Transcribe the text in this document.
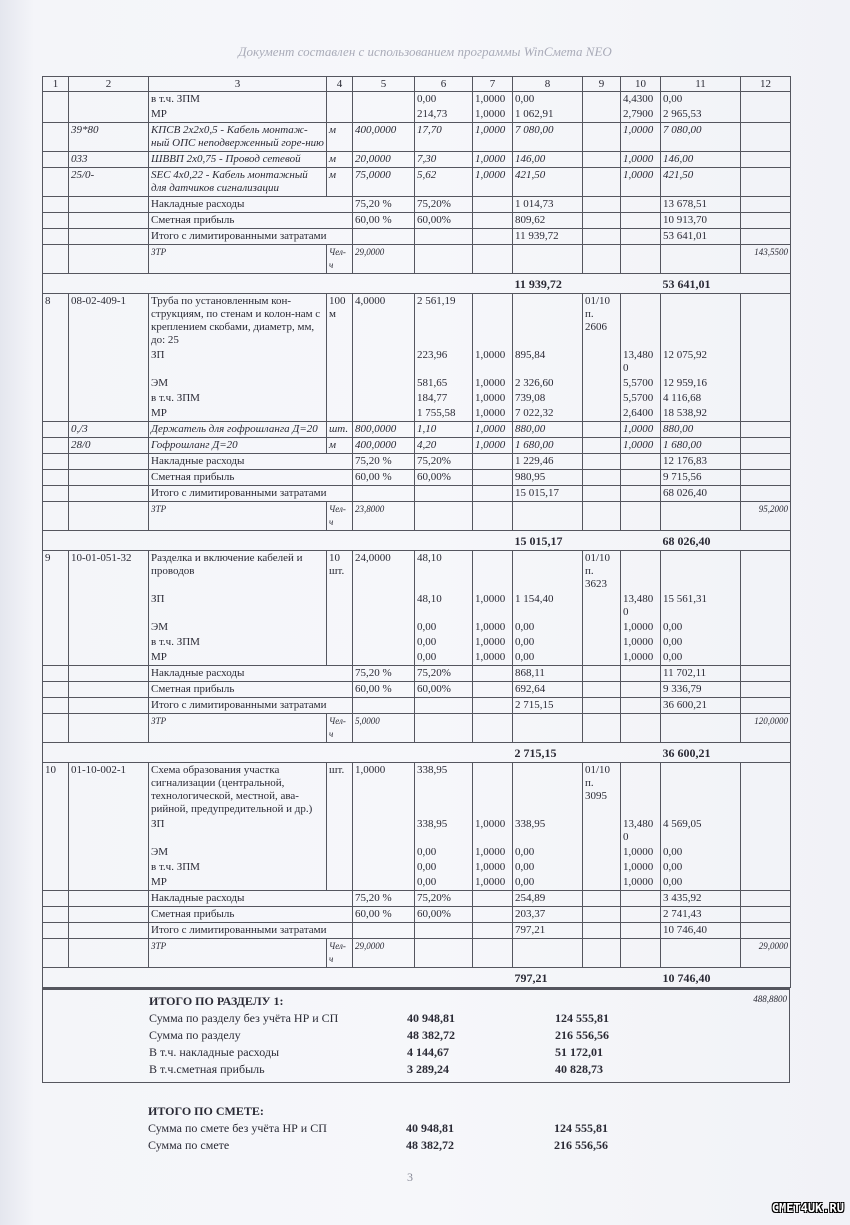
Документ составлен с использованием программы WinСмета NEO
1	2	3	4	5	6	7	8	9	10	11	12
		в т.ч. ЗПМ			0,00	1,0000	0,00		4,4300	0,00	
		МР			214,73	1,0000	1 062,91		2,7900	2 965,53	
	39*80	КПСВ 2x2x0,5 - Кабель монтаж-ный ОПС неподверженный горе-нию	м	400,0000	17,70	1,0000	7 080,00		1,0000	7 080,00	
	033	ШВВП 2x0,75 - Провод сетевой	м	20,0000	7,30	1,0000	146,00		1,0000	146,00	
	25/0-	SEC 4x0,22 - Кабель монтажный для датчиков сигнализации	м	75,0000	5,62	1,0000	421,50		1,0000	421,50	
		Накладные расходы		75,20 %	75,20%		1 014,73			13 678,51	
		Сметная прибыль		60,00 %	60,00%		809,62			10 913,70	
		Итого с лимитированными затратами					11 939,72			53 641,01	
		ЗТР	Чел-ч	29,0000							143,5500
							11 939,72			53 641,01	
8	08-02-409-1	Труба по установленным кон-струкциям, по стенам и колон-нам с креплением скобами, диаметр, мм, до: 25	100 м	4,0000	2 561,19			01/10 п. 2606			
		ЗП			223,96	1,0000	895,84		13,4800	12 075,92	
		ЭМ			581,65	1,0000	2 326,60		5,5700	12 959,16	
		в т.ч. ЗПМ			184,77	1,0000	739,08		5,5700	4 116,68	
		МР			1 755,58	1,0000	7 022,32		2,6400	18 538,92	
	0,/3	Держатель для гофрошланга Д=20	шт.	800,0000	1,10	1,0000	880,00		1,0000	880,00	
	28/0	Гофрошланг Д=20	м	400,0000	4,20	1,0000	1 680,00		1,0000	1 680,00	
		Накладные расходы		75,20 %	75,20%		1 229,46			12 176,83	
		Сметная прибыль		60,00 %	60,00%		980,95			9 715,56	
		Итого с лимитированными затратами					15 015,17			68 026,40	
		ЗТР	Чел-ч	23,8000							95,2000
							15 015,17			68 026,40	
9	10-01-051-32	Разделка и включение кабелей и проводов	10 шт.	24,0000	48,10			01/10 п. 3623			
		ЗП			48,10	1,0000	1 154,40		13,4800	15 561,31	
		ЭМ			0,00	1,0000	0,00		1,0000	0,00	
		в т.ч. ЗПМ			0,00	1,0000	0,00		1,0000	0,00	
		МР			0,00	1,0000	0,00		1,0000	0,00	
		Накладные расходы		75,20 %	75,20%		868,11			11 702,11	
		Сметная прибыль		60,00 %	60,00%		692,64			9 336,79	
		Итого с лимитированными затратами					2 715,15			36 600,21	
		ЗТР	Чел-ч	5,0000							120,0000
							2 715,15			36 600,21	
10	01-10-002-1	Схема образования участка сигнализации (центральной, технологической, местной, ава-рийной, предупредительной и др.)	шт.	1,0000	338,95			01/10 п. 3095			
		ЗП			338,95	1,0000	338,95		13,4800	4 569,05	
		ЭМ			0,00	1,0000	0,00		1,0000	0,00	
		в т.ч. ЗПМ			0,00	1,0000	0,00		1,0000	0,00	
		МР			0,00	1,0000	0,00		1,0000	0,00	
		Накладные расходы		75,20 %	75,20%		254,89			3 435,92	
		Сметная прибыль		60,00 %	60,00%		203,37			2 741,43	
		Итого с лимитированными затратами					797,21			10 746,40	
		ЗТР	Чел-ч	29,0000							29,0000
							797,21			10 746,40	
ИТОГО ПО РАЗДЕЛУ 1:	488,8800
Сумма по разделу без учёта НР и СП	40 948,81	124 555,81
Сумма по разделу	48 382,72	216 556,56
В т.ч. накладные расходы	4 144,67	51 172,01
В т.ч.сметная прибыль	3 289,24	40 828,73
ИТОГО ПО СМЕТЕ:
Сумма по смете без учёта НР и СП	40 948,81	124 555,81
Сумма по смете	48 382,72	216 556,56
3
СМЕТ4UK.RU
